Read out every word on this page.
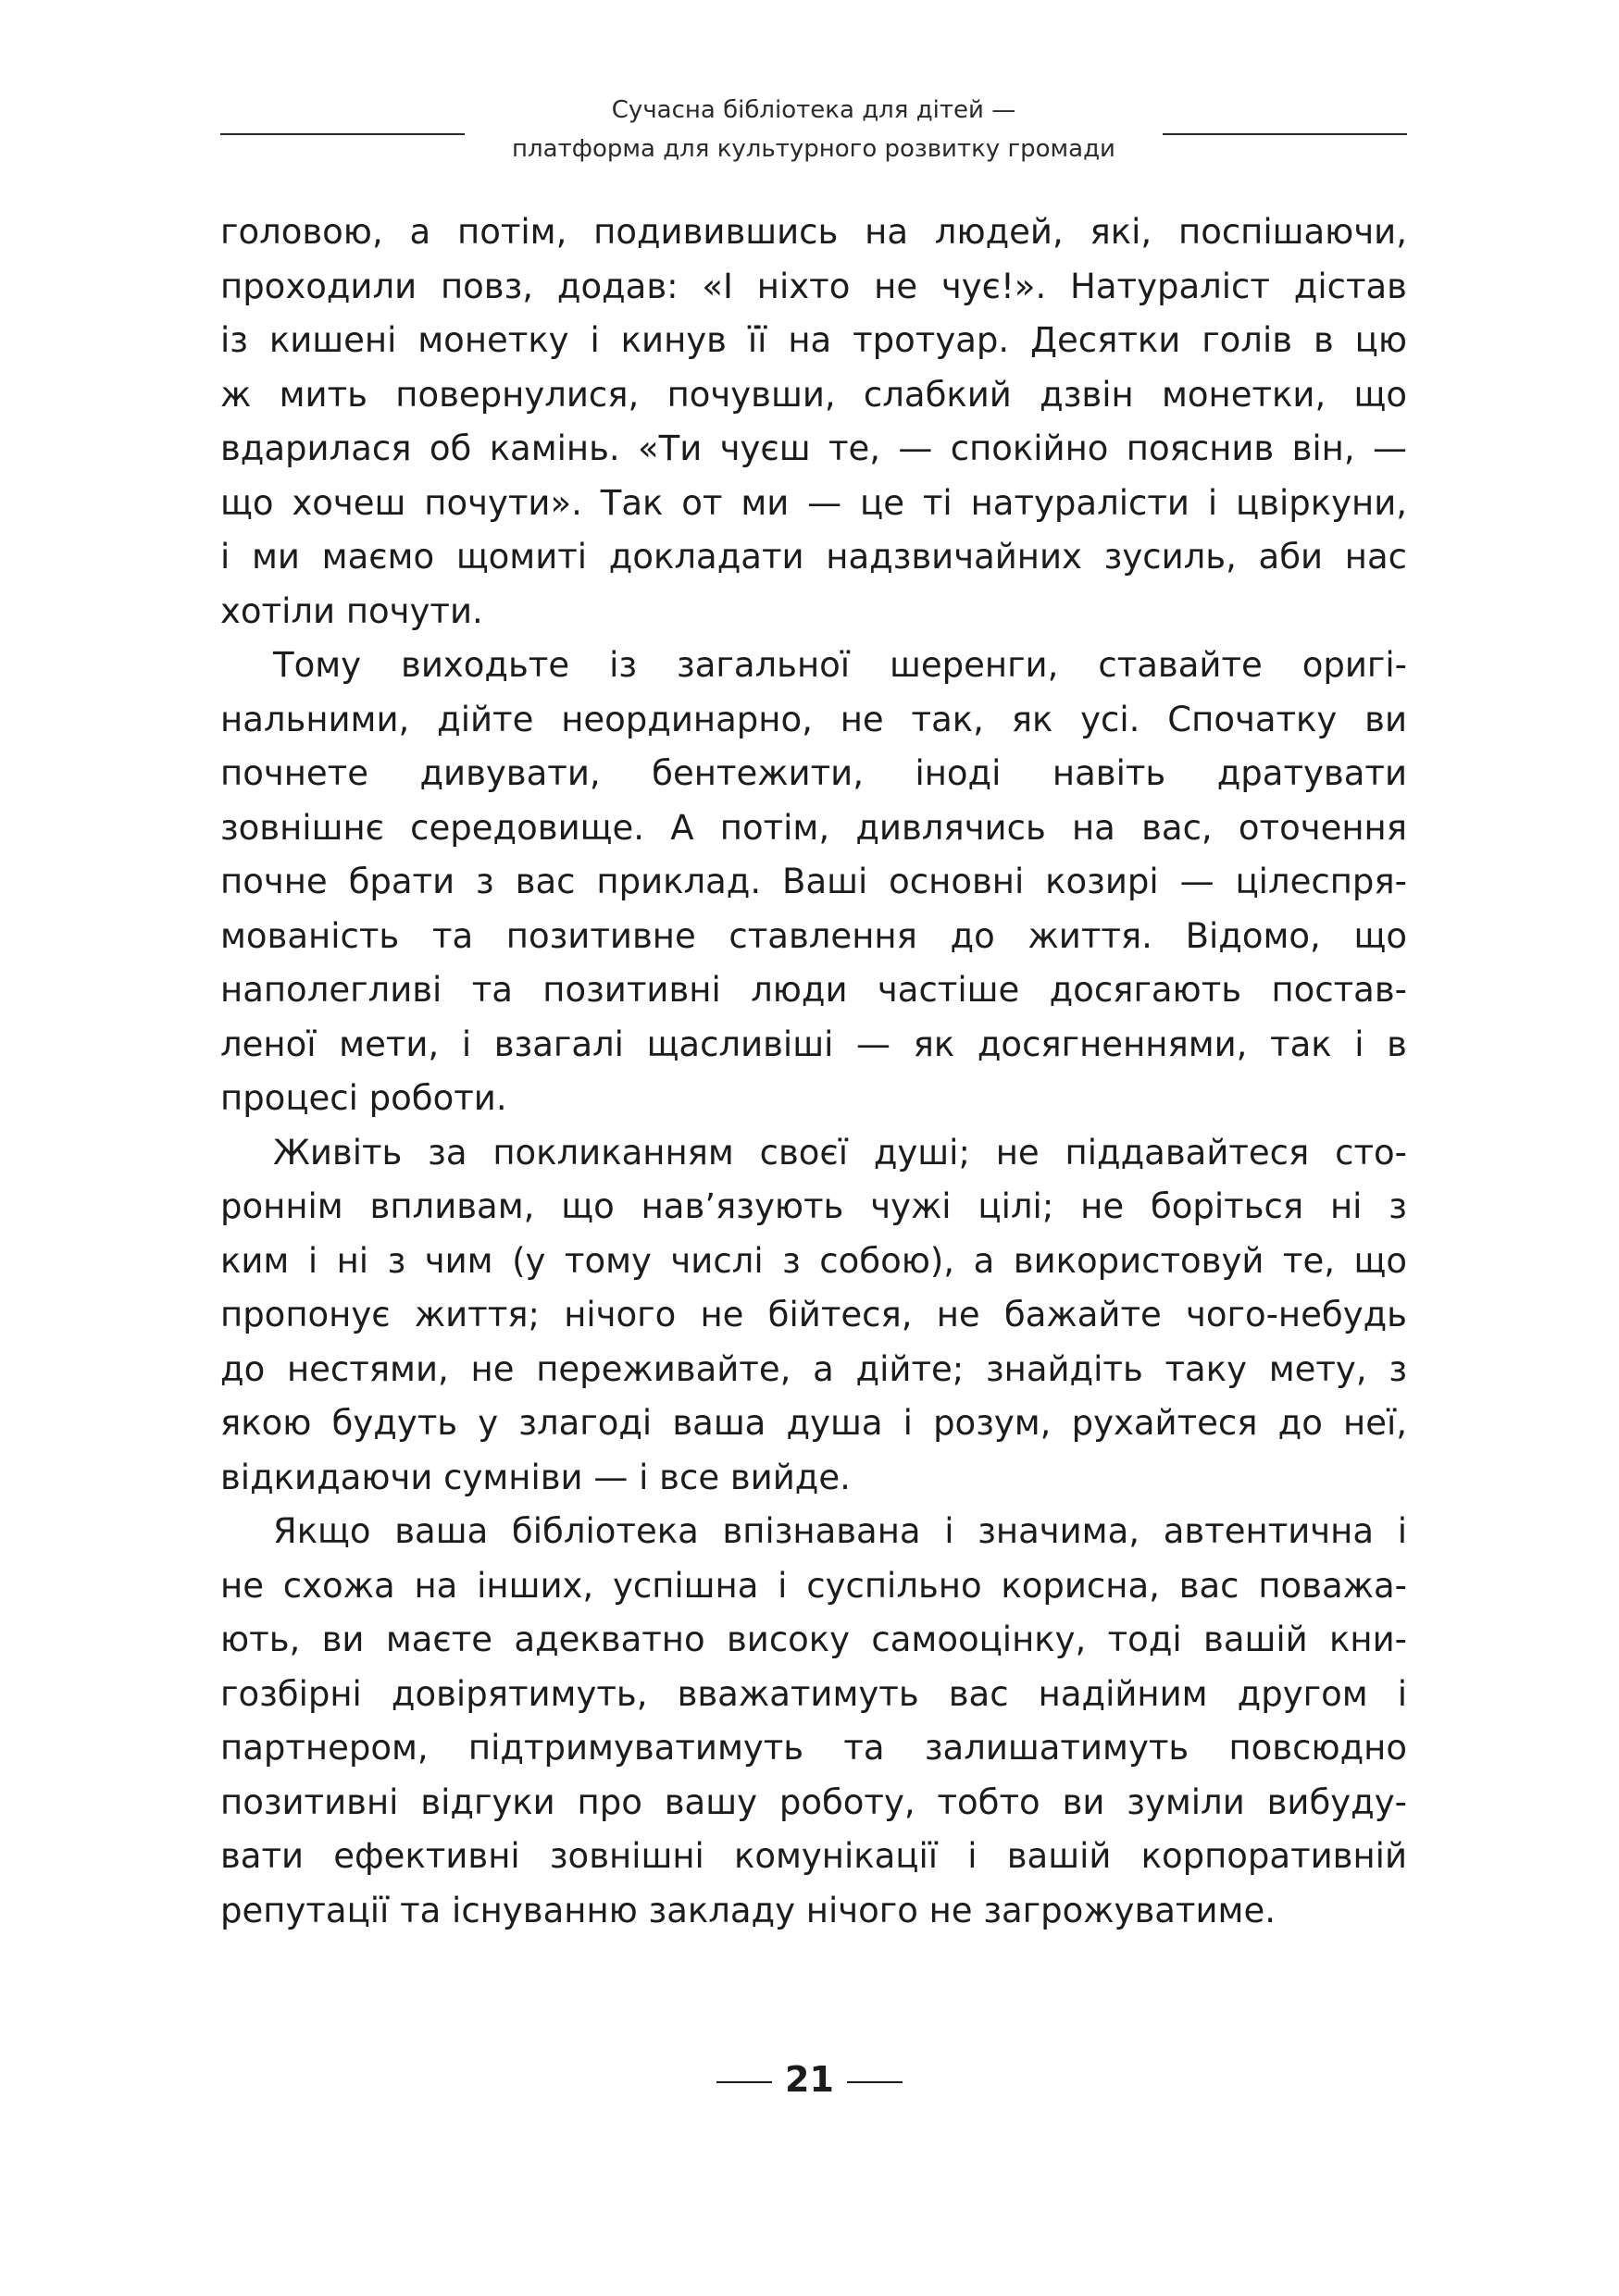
Сучасна бібліотека для дітей —
платформа для культурного розвитку громади
головою, а потім, подивившись на людей, які, поспішаючи,
проходили повз, додав: «І ніхто не чує!». Натураліст дістав
із кишені монетку і кинув її на тротуар. Десятки голів в цю
ж мить повернулися, почувши, слабкий дзвін монетки, що
вдарилася об камінь. «Ти чуєш те, — спокійно пояснив він, —
що хочеш почути». Так от ми — це ті натуралісти і цвіркуни,
і ми маємо щомиті докладати надзвичайних зусиль, аби нас
хотіли почути.
Тому виходьте із загальної шеренги, ставайте оригі-
нальними, дійте неординарно, не так, як усі. Спочатку ви
почнете дивувати, бентежити, іноді навіть дратувати
зовнішнє середовище. А потім, дивлячись на вас, оточення
почне брати з вас приклад. Ваші основні козирі — цілеспря-
мованість та позитивне ставлення до життя. Відомо, що
наполегливі та позитивні люди частіше досягають постав-
леної мети, і взагалі щасливіші — як досягненнями, так і в
процесі роботи.
Живіть за покликанням своєї душі; не піддавайтеся сто-
роннім впливам, що нав’язують чужі цілі; не боріться ні з
ким і ні з чим (у тому числі з собою), а використовуй те, що
пропонує життя; нічого не бійтеся, не бажайте чого-небудь
до нестями, не переживайте, а дійте; знайдіть таку мету, з
якою будуть у злагоді ваша душа і розум, рухайтеся до неї,
відкидаючи сумніви — і все вийде.
Якщо ваша бібліотека впізнавана і значима, автентична і
не схожа на інших, успішна і суспільно корисна, вас поважа-
ють, ви маєте адекватно високу самооцінку, тоді вашій кни-
гозбірні довірятимуть, вважатимуть вас надійним другом і
партнером, підтримуватимуть та залишатимуть повсюдно
позитивні відгуки про вашу роботу, тобто ви зуміли вибуду-
вати ефективні зовнішні комунікації і вашій корпоративній
репутації та існуванню закладу нічого не загрожуватиме.
21
